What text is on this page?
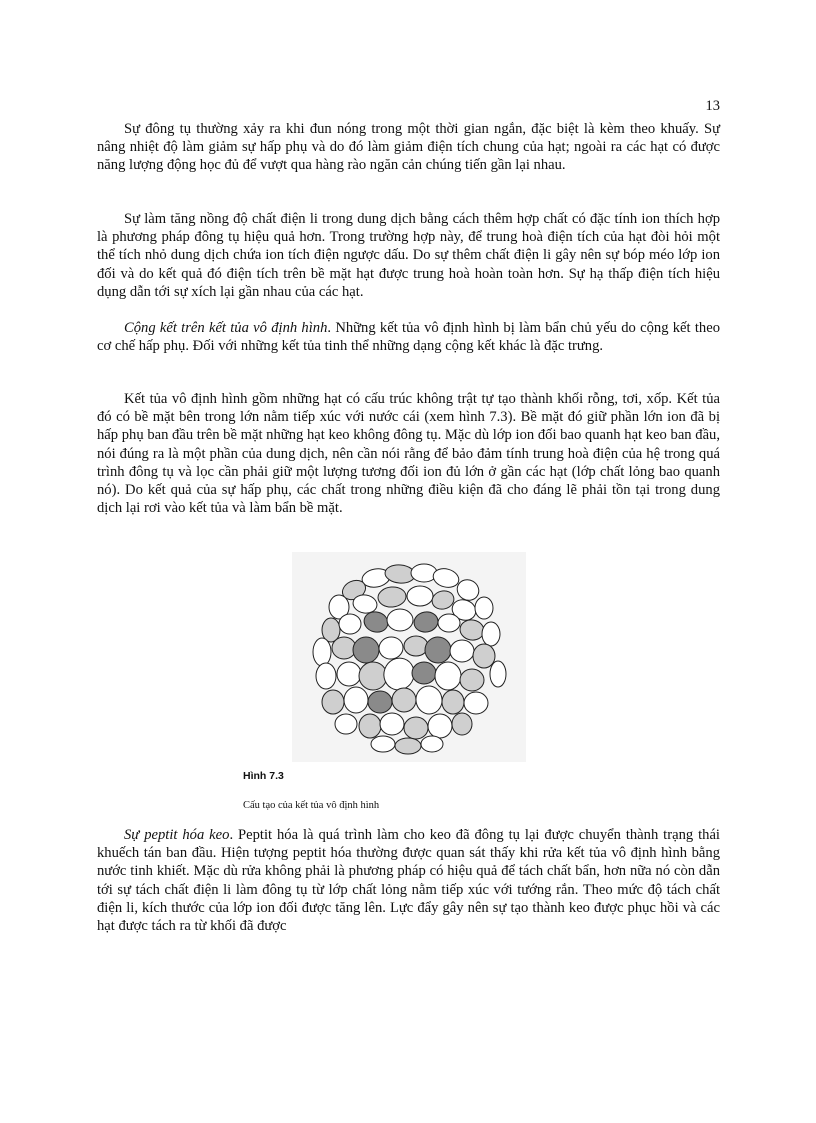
13

Sự đông tụ thường xảy ra khi đun nóng trong một thời gian ngắn, đặc biệt là kèm theo khuấy. Sự nâng nhiệt độ làm giảm sự hấp phụ và do đó làm giảm điện tích chung của hạt; ngoài ra các hạt có được năng lượng động học đủ để vượt qua hàng rào ngăn cản chúng tiến gần lại nhau.

Sự làm tăng nồng độ chất điện li trong dung dịch bằng cách thêm hợp chất có đặc tính ion thích hợp là phương pháp đông tụ hiệu quả hơn. Trong trường hợp này, để trung hoà điện tích của hạt đòi hỏi một thể tích nhỏ dung dịch chứa ion tích điện ngược dấu. Do sự thêm chất điện li gây nên sự bóp méo lớp ion đối và do kết quả đó điện tích trên bề mặt hạt được trung hoà hoàn toàn hơn. Sự hạ thấp điện tích hiệu dụng dẫn tới sự xích lại gần nhau của các hạt.

Cộng kết trên kết tủa vô định hình. Những kết tủa vô định hình bị làm bẩn chủ yếu do cộng kết theo cơ chế hấp phụ. Đối với những kết tủa tinh thể những dạng cộng kết khác là đặc trưng.

Kết tủa vô định hình gồm những hạt có cấu trúc không trật tự tạo thành khối rỗng, tơi, xốp. Kết tủa đó có bề mặt bên trong lớn nằm tiếp xúc với nước cái (xem hình 7.3). Bề mặt đó giữ phần lớn ion đã bị hấp phụ ban đầu trên bề mặt những hạt keo không đông tụ. Mặc dù lớp ion đối bao quanh hạt keo ban đầu, nói đúng ra là một phần của dung dịch, nên cần nói rằng để bảo đảm tính trung hoà điện của hệ trong quá trình đông tụ và lọc cần phải giữ một lượng tương đối ion đủ lớn ở gần các hạt (lớp chất lỏng bao quanh nó). Do kết quả của sự hấp phụ, các chất trong những điều kiện đã cho đáng lẽ phải tồn tại trong dung dịch lại rơi vào kết tủa và làm bẩn bề mặt.

Hình 7.3
Cấu tạo của kết tủa vô định hình

Sự peptit hóa keo. Peptit hóa là quá trình làm cho keo đã đông tụ lại được chuyển thành trạng thái khuếch tán ban đầu. Hiện tượng peptit hóa thường được quan sát thấy khi rửa kết tủa vô định hình bằng nước tinh khiết. Mặc dù rửa không phải là phương pháp có hiệu quả để tách chất bẩn, hơn nữa nó còn dẫn tới sự tách chất điện li làm đông tụ từ lớp chất lỏng nằm tiếp xúc với tướng rắn. Theo mức độ tách chất điện li, kích thước của lớp ion đối được tăng lên. Lực đẩy gây nên sự tạo thành keo được phục hồi và các hạt được tách ra từ khối đã được
